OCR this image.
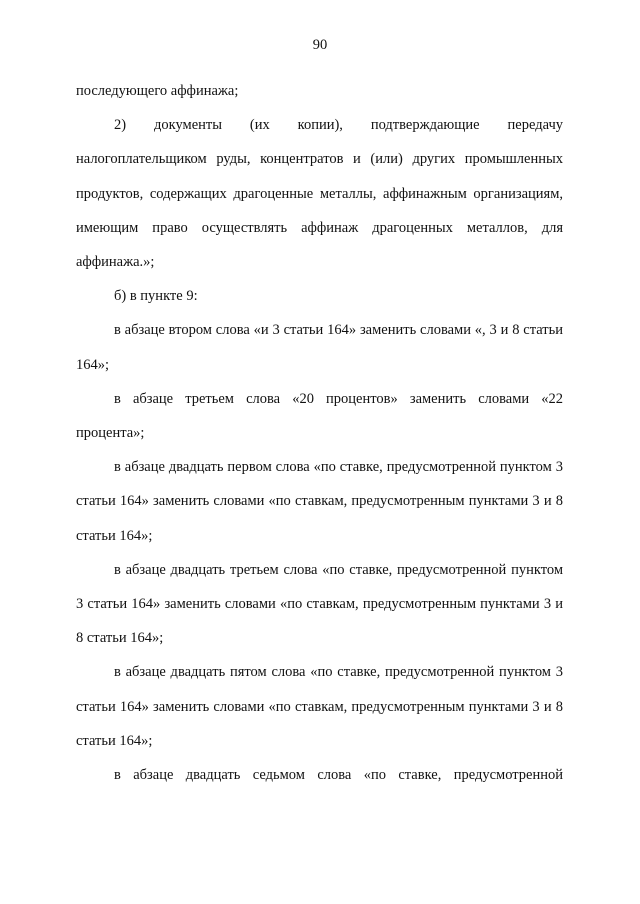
90

последующего аффинажа;

2) документы (их копии), подтверждающие передачу налогоплательщиком руды, концентратов и (или) других промышленных продуктов, содержащих драгоценные металлы, аффинажным организациям, имеющим право осуществлять аффинаж драгоценных металлов, для аффинажа.»;

б) в пункте 9:

в абзаце втором слова «и 3 статьи 164» заменить словами «, 3 и 8 статьи 164»;

в абзаце третьем слова «20 процентов» заменить словами «22 процента»;

в абзаце двадцать первом слова «по ставке, предусмотренной пунктом 3 статьи 164» заменить словами «по ставкам, предусмотренным пунктами 3 и 8 статьи 164»;

в абзаце двадцать третьем слова «по ставке, предусмотренной пунктом 3 статьи 164» заменить словами «по ставкам, предусмотренным пунктами 3 и 8 статьи 164»;

в абзаце двадцать пятом слова «по ставке, предусмотренной пунктом 3 статьи 164» заменить словами «по ставкам, предусмотренным пунктами 3 и 8 статьи 164»;

в абзаце двадцать седьмом слова «по ставке, предусмотренной
